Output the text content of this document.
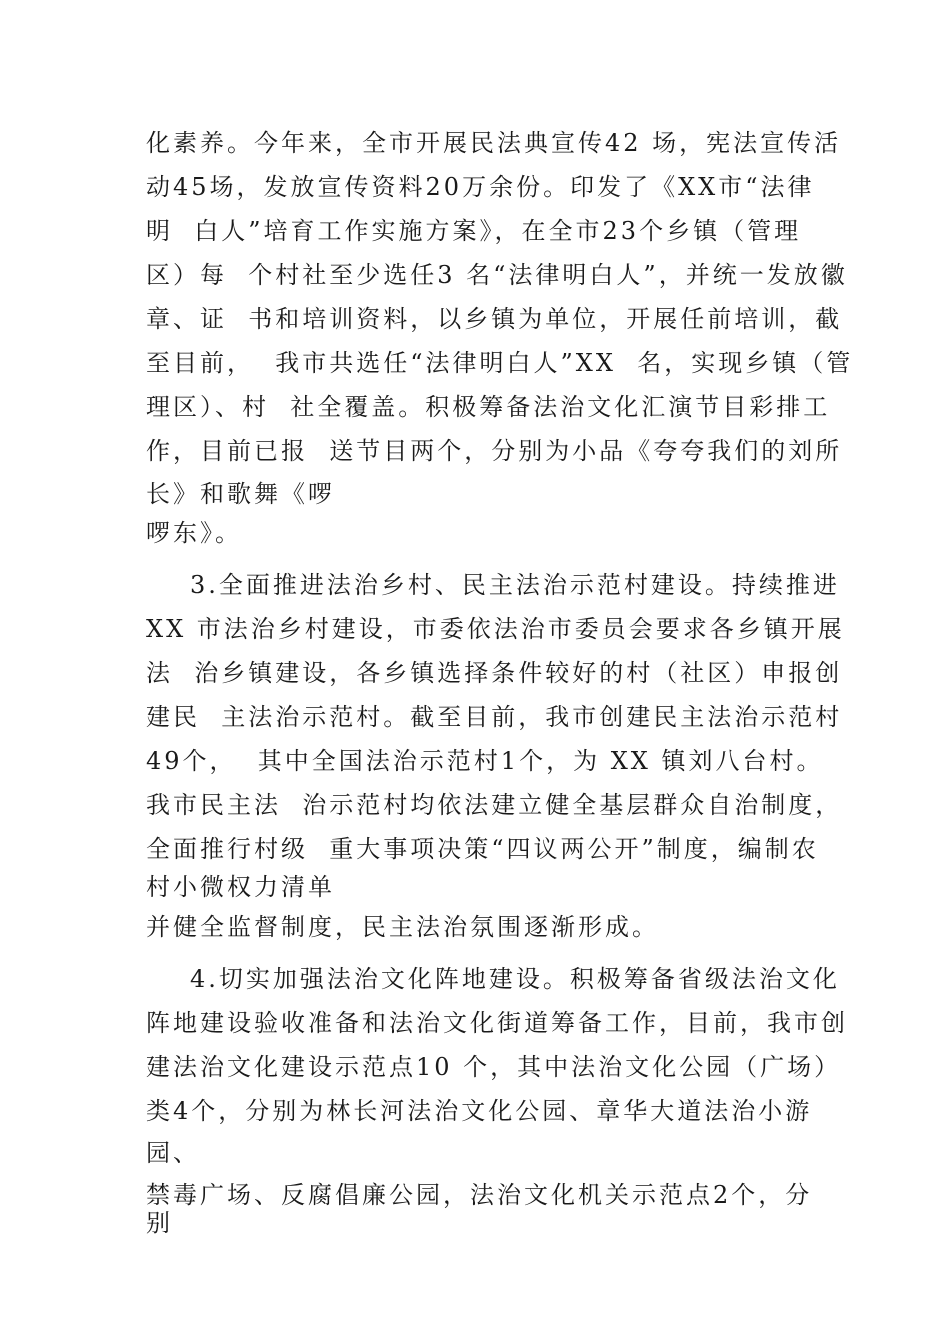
化素养。今年来，全市开展民法典宣传42 场，宪法宣传活
动45场，发放宣传资料20万余份。印发了《XX市“法律
明  白人”培育工作实施方案》，在全市23个乡镇（管理
区）每  个村社至少选任3 名“法律明白人”，并统一发放徽
章、证  书和培训资料，以乡镇为单位，开展任前培训，截
至目前，  我市共选任“法律明白人”XX  名，实现乡镇（管
理区）、村  社全覆盖。积极筹备法治文化汇演节目彩排工
作，目前已报  送节目两个，分别为小品《夸夸我们的刘所
长》和歌舞《啰
啰东》。
3.全面推进法治乡村、民主法治示范村建设。持续推进
XX 市法治乡村建设，市委依法治市委员会要求各乡镇开展
法  治乡镇建设，各乡镇选择条件较好的村（社区）申报创
建民  主法治示范村。截至目前，我市创建民主法治示范村
49个，  其中全国法治示范村1个，为 XX 镇刘八台村。
我市民主法  治示范村均依法建立健全基层群众自治制度，
全面推行村级  重大事项决策“四议两公开”制度，编制农
村小微权力清单
并健全监督制度，民主法治氛围逐渐形成。
4.切实加强法治文化阵地建设。积极筹备省级法治文化
阵地建设验收准备和法治文化街道筹备工作，目前，我市创
建法治文化建设示范点10 个，其中法治文化公园（广场）
类4个，分别为林长河法治文化公园、章华大道法治小游
园、
禁毒广场、反腐倡廉公园，法治文化机关示范点2个，分
别
